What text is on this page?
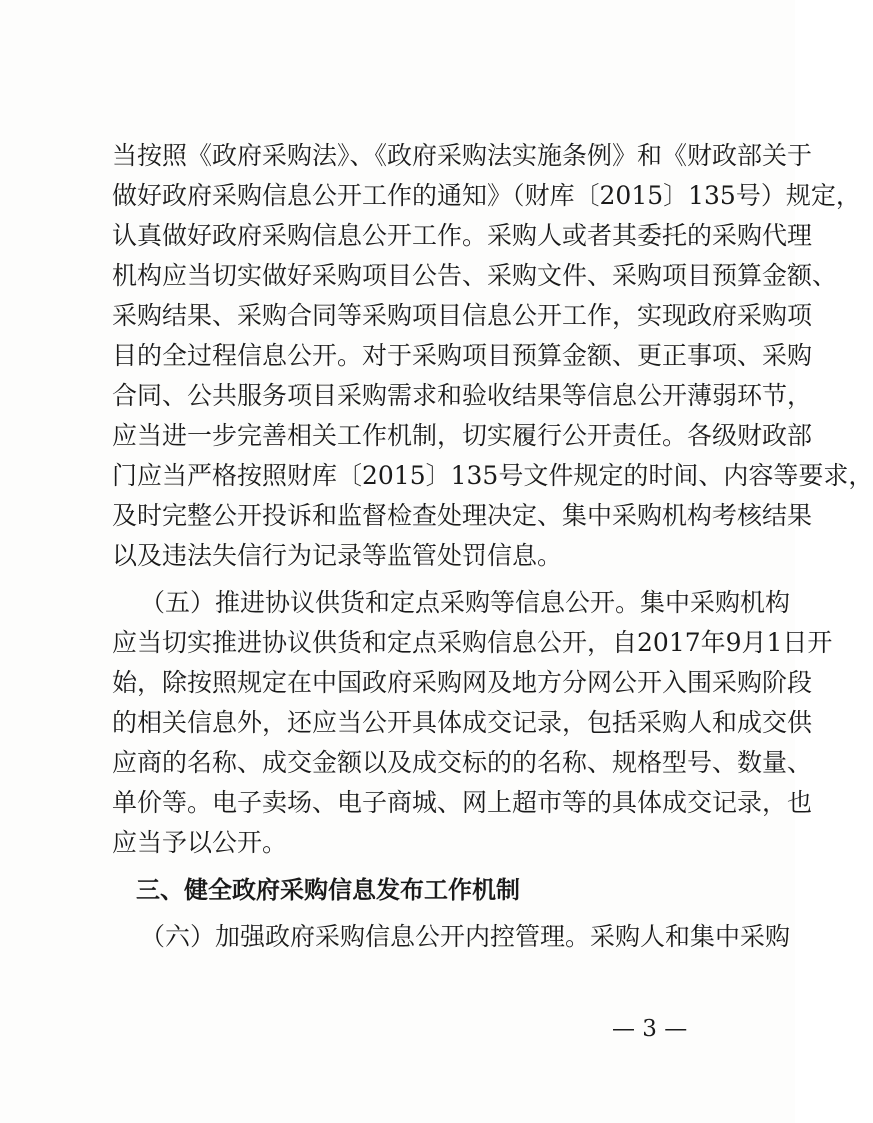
当按照《政府采购法》、《政府采购法实施条例》和《财政部关于
做好政府采购信息公开工作的通知》（财库〔2015〕135号）规定，
认真做好政府采购信息公开工作。采购人或者其委托的采购代理
机构应当切实做好采购项目公告、采购文件、采购项目预算金额、
采购结果、采购合同等采购项目信息公开工作，实现政府采购项
目的全过程信息公开。对于采购项目预算金额、更正事项、采购
合同、公共服务项目采购需求和验收结果等信息公开薄弱环节，
应当进一步完善相关工作机制，切实履行公开责任。各级财政部
门应当严格按照财库〔2015〕135号文件规定的时间、内容等要求，
及时完整公开投诉和监督检查处理决定、集中采购机构考核结果
以及违法失信行为记录等监管处罚信息。
（五）推进协议供货和定点采购等信息公开。集中采购机构
应当切实推进协议供货和定点采购信息公开，自2017年9月1日开
始，除按照规定在中国政府采购网及地方分网公开入围采购阶段
的相关信息外，还应当公开具体成交记录，包括采购人和成交供
应商的名称、成交金额以及成交标的的名称、规格型号、数量、
单价等。电子卖场、电子商城、网上超市等的具体成交记录，也
应当予以公开。
三、健全政府采购信息发布工作机制
（六）加强政府采购信息公开内控管理。采购人和集中采购
— 3 —
